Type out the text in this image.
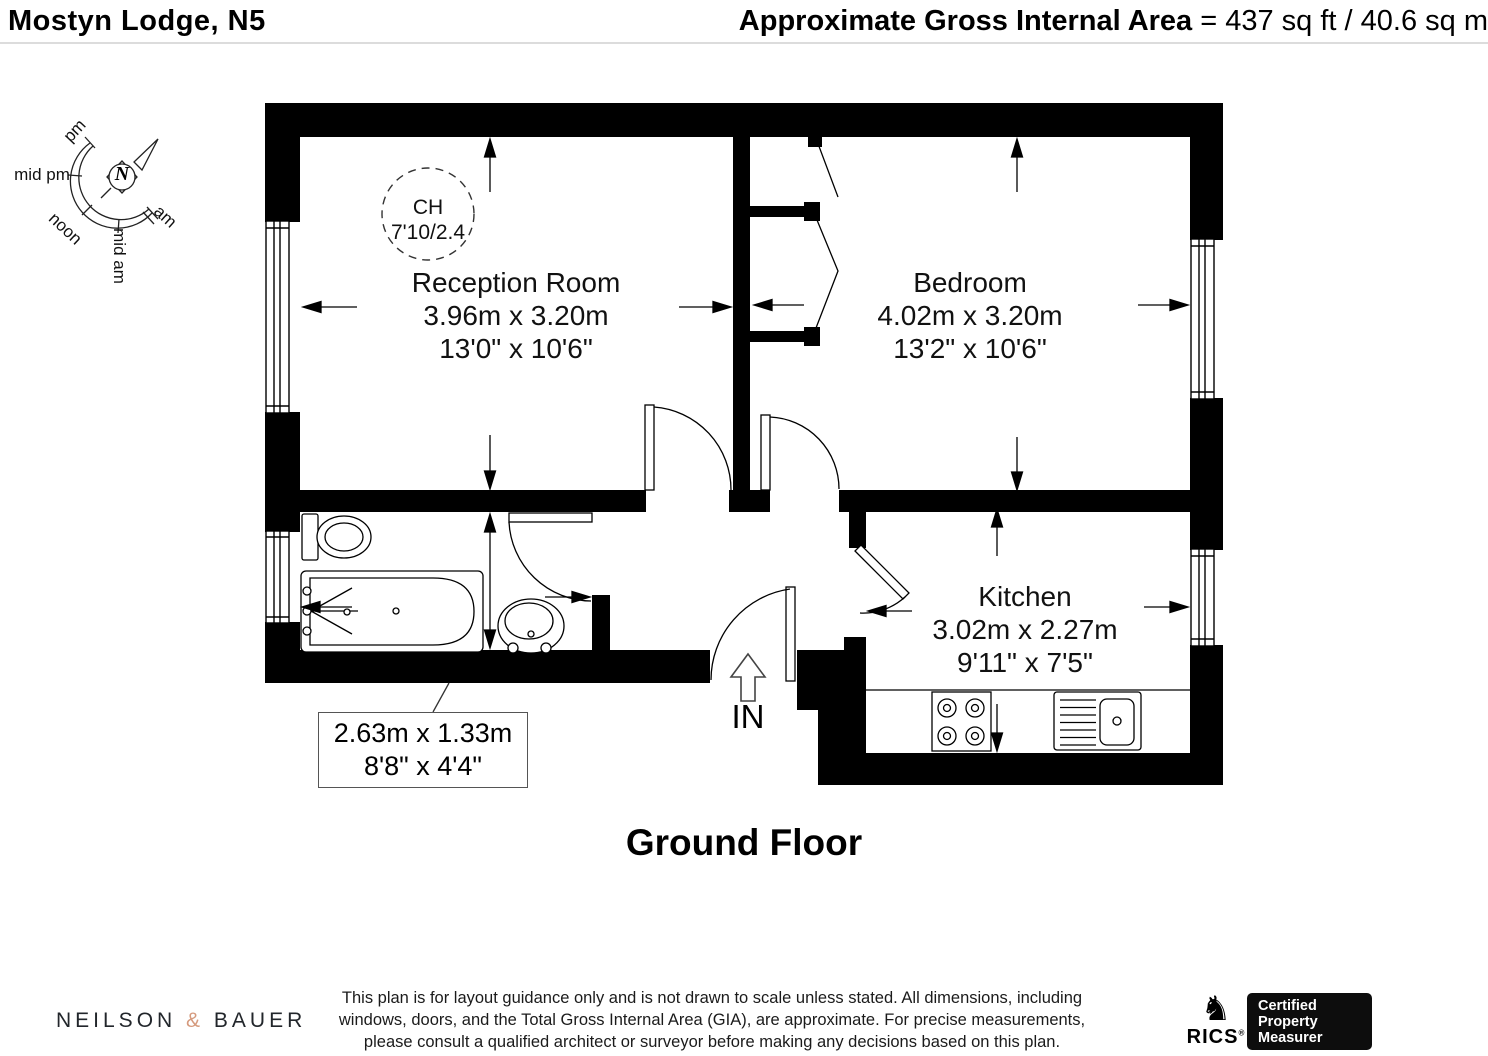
Mostyn Lodge, N5	Approximate Gross Internal Area = 437 sq ft / 40.6 sq m
N
pm
mid pm
noon	mid am
am	CH
7'10/2.4
Reception Room
3.96m x 3.20m
13'0" x 10'6"
Bedroom
4.02m x 3.20m
13'2" x 10'6"
Kitchen
3.02m x 2.27m
9'11" x 7'5"
2.63m x 1.33m
8'8" x 4'4"
IN
Ground Floor
NEILSON & BAUER
This plan is for layout guidance only and is not drawn to scale unless stated. All dimensions, including
windows, doors, and the Total Gross Internal Area (GIA), are approximate. For precise measurements,
please consult a qualified architect or surveyor before making any decisions based on this plan.
♞
RICS®
Certified
Property
Measurer
